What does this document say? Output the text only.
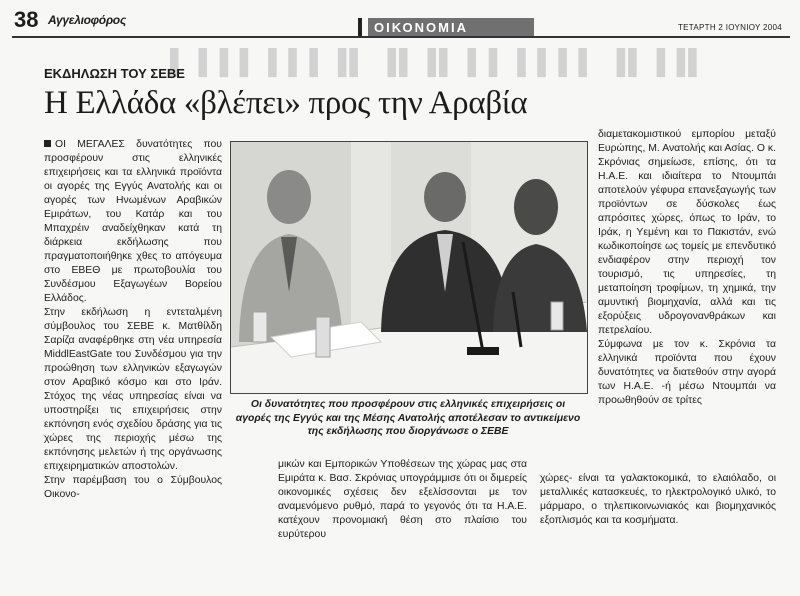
38 Αγγελιοφόρος	ΟΙΚΟΝΟΜΙΑ	ΤΕΤΑΡΤΗ 2 ΙΟΥΝΙΟΥ 2004
▌▐ ▌▌▐▐ ▌▐▌ ▐▌▐▌▐ ▌▐▐ ▌▌ ▐▌▐▐▌
ΕΚΔΗΛΩΣΗ ΤΟΥ ΣΕΒΕ
Η Ελλάδα «βλέπει» προς την Αραβία

ΟΙ ΜΕΓΑΛΕΣ δυνατότητες που προσφέρουν στις ελληνικές επιχειρήσεις και τα ελληνικά προϊόντα οι αγορές της Εγγύς Ανατολής και οι αγορές των Ηνωμένων Αραβικών Εμιράτων, του Κατάρ και του Μπαχρέιν αναδείχθηκαν κατά τη διάρκεια εκδήλωσης που πραγματοποιήθηκε χθες το απόγευμα στο ΕΒΕΘ με πρωτοβουλία του Συνδέσμου Εξαγωγέων Βορείου Ελλάδος.

Στην εκδήλωση η εντεταλμένη σύμβουλος του ΣΕΒΕ κ. Ματθίλδη Σαρίζα αναφέρθηκε στη νέα υπηρεσία MiddlEastGate του Συνδέσμου για την προώθηση των ελληνικών εξαγωγών στον Αραβικό κόσμο και στο Ιράν. Στόχος της νέας υπηρεσίας είναι να υποστηρίξει τις επιχειρήσεις στην εκπόνηση ενός σχεδίου δράσης για τις χώρες της περιοχής μέσω της εκπόνησης μελετών ή της οργάνωσης επιχειρηματικών αποστολών.

Στην παρέμβαση του ο Σύμβουλος Οικονο-

Οι δυνατότητες που προσφέρουν στις ελληνικές επιχειρήσεις οι αγορές της Εγγύς και της Μέσης Ανατολής αποτέλεσαν το αντικείμενο της εκδήλωσης που διοργάνωσε ο ΣΕΒΕ

μικών και Εμπορικών Υποθέσεων της χώρας μας στα Εμιράτα κ. Βασ. Σκρόνιας υπογράμμισε ότι οι διμερείς οικονομικές σχέσεις δεν εξελίσσονται με τον αναμενόμενο ρυθμό, παρά το γεγονός ότι τα Η.Α.Ε. κατέχουν προνομιακή θέση στο πλαίσιο του ευρύτερου

διαμετακομιστικού εμπορίου μεταξύ Ευρώπης, Μ. Ανατολής και Ασίας. Ο κ. Σκρόνιας σημείωσε, επίσης, ότι τα Η.Α.Ε. και ιδιαίτερα το Ντουμπάι αποτελούν γέφυρα επανεξαγωγής των προϊόντων σε δύσκολες έως απρόσιτες χώρες, όπως το Ιράν, το Ιράκ, η Υεμένη και το Πακιστάν, ενώ κωδικοποίησε ως τομείς με επενδυτικό ενδιαφέρον στην περιοχή τον τουρισμό, τις υπηρεσίες, τη μεταποίηση τροφίμων, τη χημικά, την αμυντική βιομηχανία, αλλά και τις εξορύξεις υδρογονανθράκων και πετρελαίου.

Σύμφωνα με τον κ. Σκρόνια τα ελληνικά προϊόντα που έχουν δυνατότητες να διατεθούν στην αγορά των Η.Α.Ε. -ή μέσω Ντουμπάι να προωθηθούν σε τρίτες

χώρες- είναι τα γαλακτοκομικά, το ελαιόλαδο, οι μεταλλικές κατασκευές, το ηλεκτρολογικό υλικό, το μάρμαρο, ο τηλεπικοινωνιακός και βιομηχανικός εξοπλισμός και τα κοσμήματα.
